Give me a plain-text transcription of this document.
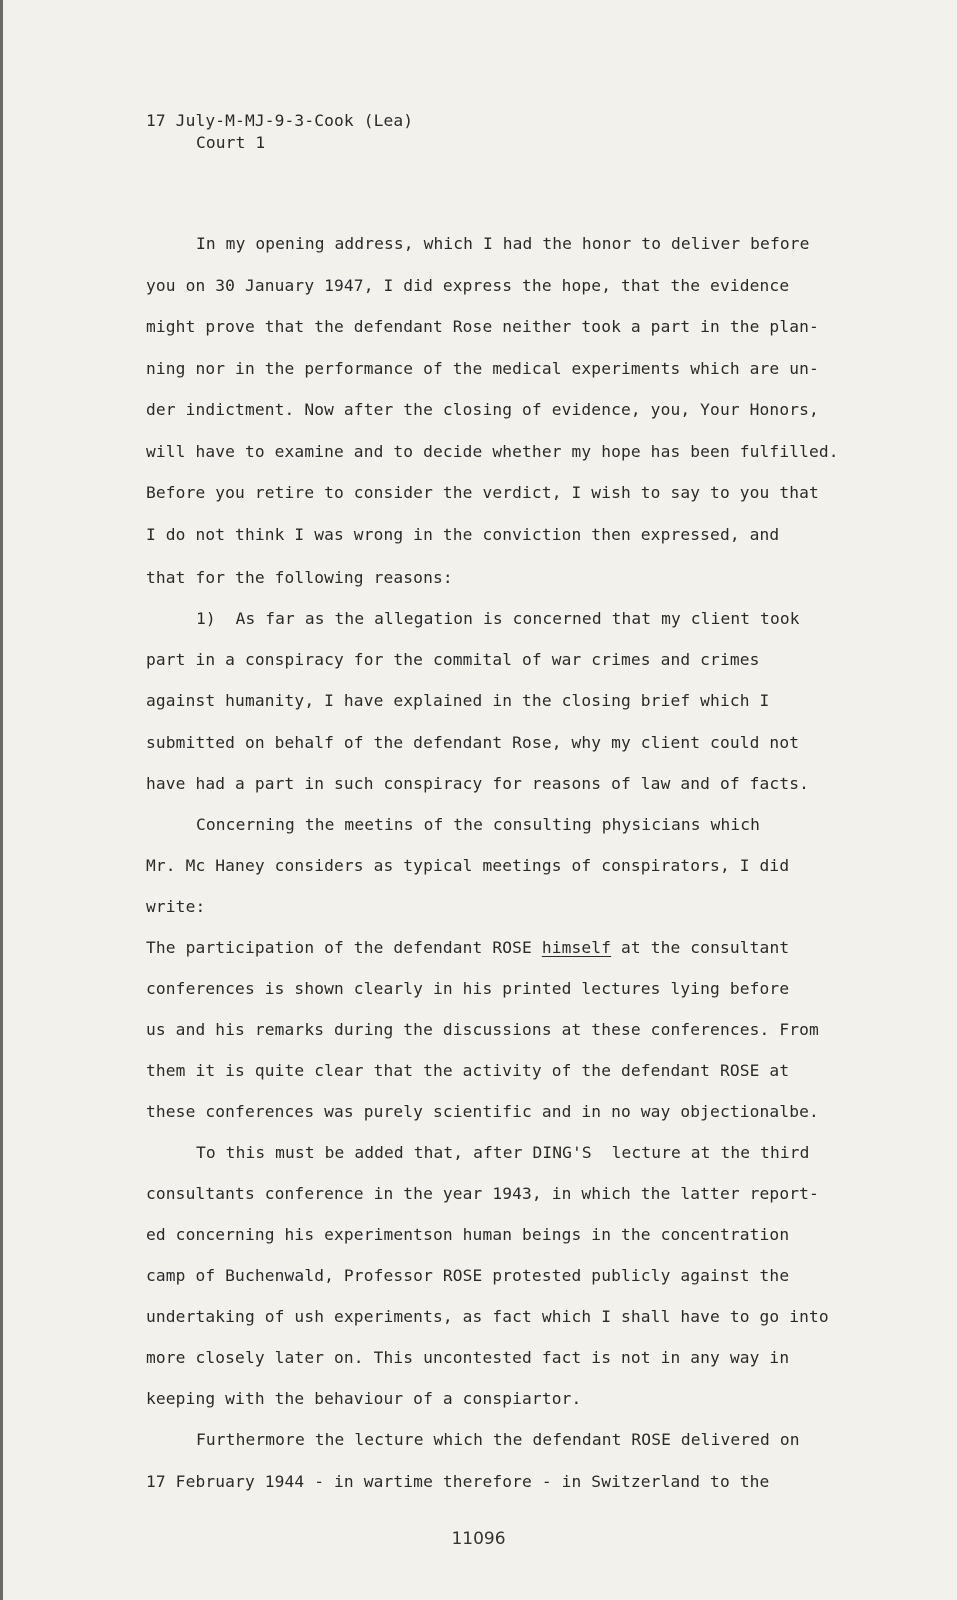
17 July-M-MJ-9-3-Cook (Lea)
Court 1
In my opening address, which I had the honor to deliver before
you on 30 January 1947, I did express the hope, that the evidence
might prove that the defendant Rose neither took a part in the plan-
ning nor in the performance of the medical experiments which are un-
der indictment. Now after the closing of evidence, you, Your Honors,
will have to examine and to decide whether my hope has been fulfilled.
Before you retire to consider the verdict, I wish to say to you that
I do not think I was wrong in the conviction then expressed, and
that for the following reasons:
1)  As far as the allegation is concerned that my client took
part in a conspiracy for the commital of war crimes and crimes
against humanity, I have explained in the closing brief which I
submitted on behalf of the defendant Rose, why my client could not
have had a part in such conspiracy for reasons of law and of facts.
Concerning the meetins of the consulting physicians which
Mr. Mc Haney considers as typical meetings of conspirators, I did
write:
The participation of the defendant ROSE himself at the consultant
conferences is shown clearly in his printed lectures lying before
us and his remarks during the discussions at these conferences. From
them it is quite clear that the activity of the defendant ROSE at
these conferences was purely scientific and in no way objectionalbe.
To this must be added that, after DING'S  lecture at the third
consultants conference in the year 1943, in which the latter report-
ed concerning his experimentson human beings in the concentration
camp of Buchenwald, Professor ROSE protested publicly against the
undertaking of ush experiments, as fact which I shall have to go into
more closely later on. This uncontested fact is not in any way in
keeping with the behaviour of a conspiartor.
Furthermore the lecture which the defendant ROSE delivered on
17 February 1944 - in wartime therefore - in Switzerland to the
11096
